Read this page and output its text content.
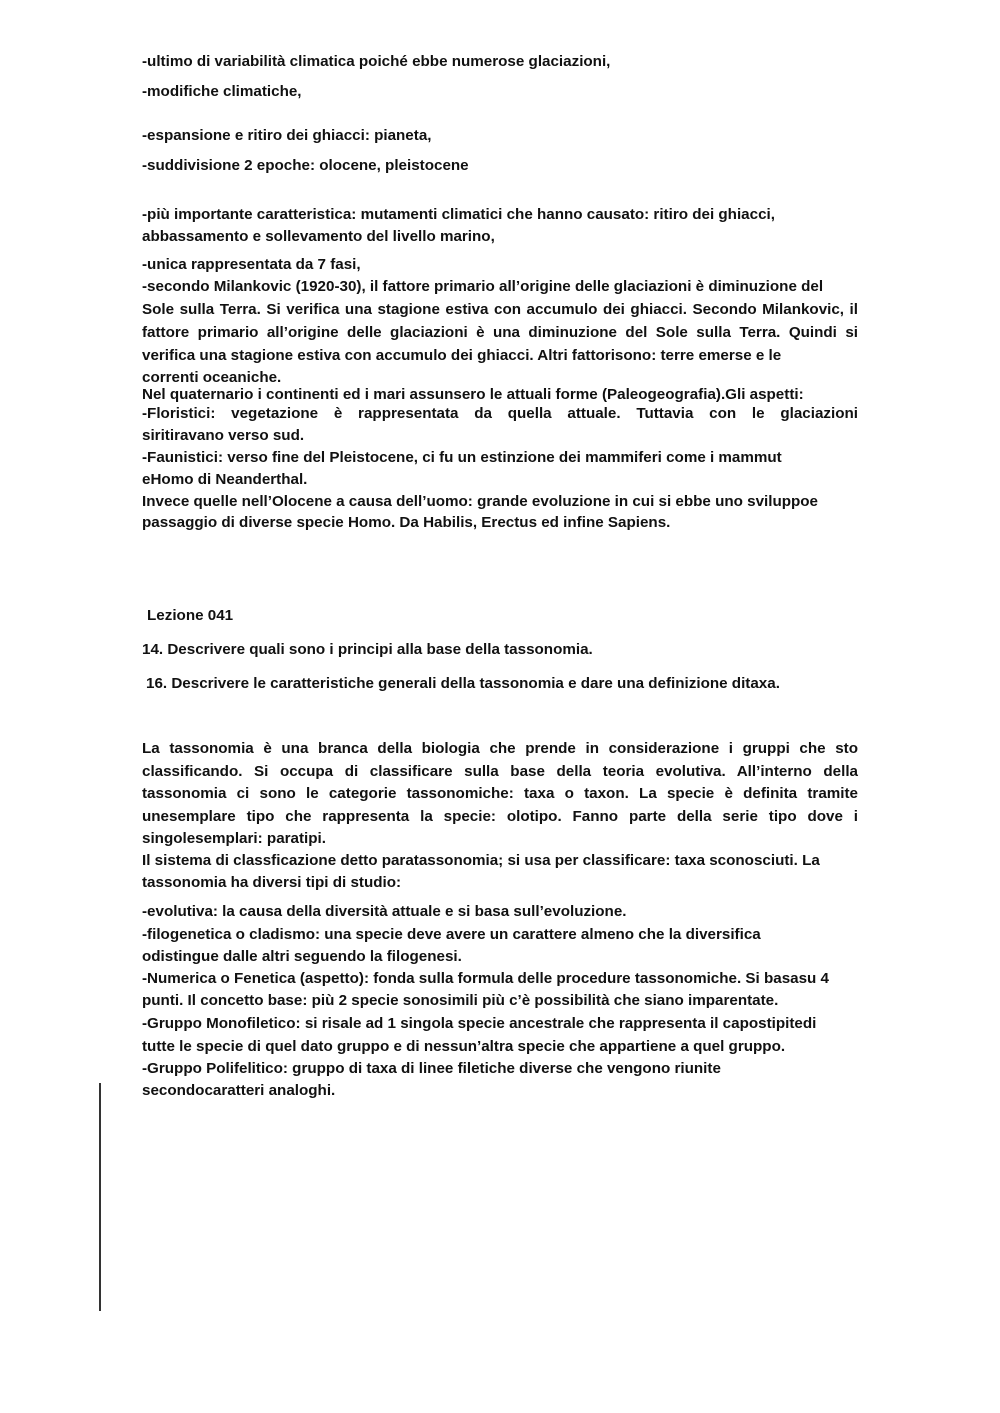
-ultimo di variabilità climatica poiché ebbe numerose glaciazioni,
-modifiche climatiche,
-espansione e ritiro dei ghiacci: pianeta,
-suddivisione 2 epoche: olocene, pleistocene
-più importante caratteristica: mutamenti climatici che hanno causato: ritiro dei ghiacci,
abbassamento e sollevamento del livello marino,
-unica rappresentata da 7 fasi,
-secondo Milankovic (1920-30), il fattore primario all’origine delle glaciazioni è diminuzione del
Sole sulla Terra. Si verifica una stagione estiva con accumulo dei ghiacci. Secondo Milankovic, il
fattore primario all’origine delle glaciazioni è una diminuzione del Sole sulla Terra. Quindi si
verifica una stagione estiva con accumulo dei ghiacci. Altri fattorisono: terre emerse e le
correnti oceaniche.
Nel quaternario i continenti ed i mari assunsero le attuali forme (Paleogeografia).Gli aspetti:
-Floristici: vegetazione è rappresentata da quella attuale. Tuttavia con le glaciazioni
siritiravano verso sud.
-Faunistici: verso fine del Pleistocene, ci fu un estinzione dei mammiferi come i mammut
eHomo di Neanderthal.
Invece quelle nell’Olocene a causa dell’uomo: grande evoluzione in cui si ebbe uno sviluppoe
passaggio di diverse specie Homo. Da Habilis, Erectus ed infine Sapiens.
Lezione 041
14. Descrivere quali sono i principi alla base della tassonomia.
16. Descrivere le caratteristiche generali della tassonomia e dare una definizione ditaxa.
La tassonomia è una branca della biologia che prende in considerazione i gruppi che sto
classificando. Si occupa di classificare sulla base della teoria evolutiva. All’interno della
tassonomia ci sono le categorie tassonomiche: taxa o taxon. La specie è definita tramite
unesemplare tipo che rappresenta la specie: olotipo. Fanno parte della serie tipo dove i
singolesemplari: paratipi.
Il sistema di classficazione detto paratassonomia; si usa per classificare: taxa sconosciuti. La
tassonomia ha diversi tipi di studio:
-evolutiva: la causa della diversità attuale e si basa sull’evoluzione.
-filogenetica o cladismo: una specie deve avere un carattere almeno che la diversifica
odistingue dalle altri seguendo la filogenesi.
-Numerica o Fenetica (aspetto): fonda sulla formula delle procedure tassonomiche. Si basasu 4
punti. Il concetto base: più 2 specie sonosimili più c’è possibilità che siano imparentate.
-Gruppo Monofiletico: si risale ad 1 singola specie ancestrale che rappresenta il capostipitedi
tutte le specie di quel dato gruppo e di nessun’altra specie che appartiene a quel gruppo.
-Gruppo Polifelitico: gruppo di taxa di linee filetiche diverse che vengono riunite
secondocaratteri analoghi.
